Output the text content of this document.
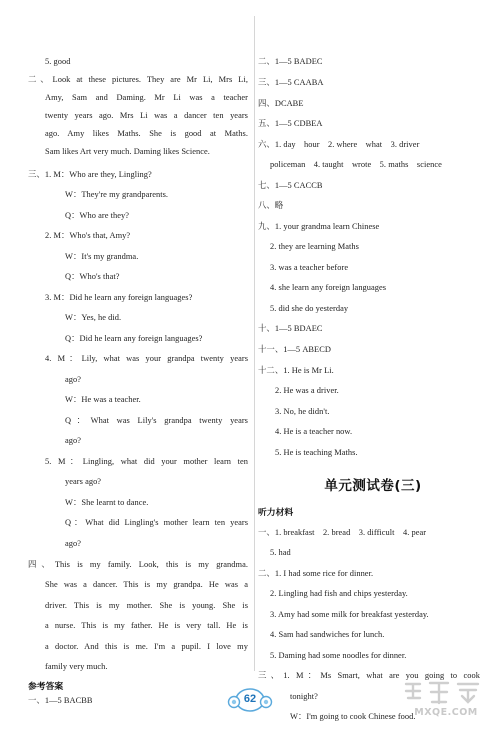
5. good
二、Look at these pictures. They are Mr Li, Mrs Li,
Amy, Sam and Daming. Mr Li was a teacher
twenty years ago. Mrs Li was a dancer ten years
ago. Amy likes Maths. She is good at Maths.
Sam likes Art very much. Daming likes Science.
三、1. M：Who are they, Lingling?
W：They're my grandparents.
Q：Who are they?
2. M：Who's that, Amy?
W：It's my grandma.
Q：Who's that?
3. M：Did he learn any foreign languages?
W：Yes, he did.
Q：Did he learn any foreign languages?
4. M：Lily, what was your grandpa twenty years
ago?
W：He was a teacher.
Q：What was Lily's grandpa twenty years
ago?
5. M：Lingling, what did your mother learn ten
years ago?
W：She learnt to dance.
Q：What did Lingling's mother learn ten years
ago?
四、This is my family. Look, this is my grandma.
She was a dancer. This is my grandpa. He was a
driver. This is my mother. She is young. She is
a nurse. This is my father. He is very tall. He is
a doctor. And this is me. I'm a pupil. I love my
family very much.
参考答案
一、1—5 BACBB
二、1—5 BADEC
三、1—5 CAABA
四、DCABE
五、1—5 CDBEA
六、1. day　hour　2. where　what　3. driver
policeman　4. taught　wrote　5. maths　science
七、1—5 CACCB
八、略
九、1. your grandma learn Chinese
2. they are learning Maths
3. was a teacher before
4. she learn any foreign languages
5. did she do yesterday
十、1—5 BDAEC
十一、1—5 ABECD
十二、1. He is Mr Li.
2. He was a driver.
3. No, he didn't.
4. He is a teacher now.
5. He is teaching Maths.
单元测试卷(三)
听力材料
一、1. breakfast　2. bread　3. difficult　4. pear
5. had
二、1. I had some rice for dinner.
2. Lingling had fish and chips yesterday.
3. Amy had some milk for breakfast yesterday.
4. Sam had sandwiches for lunch.
5. Daming had some noodles for dinner.
三、1. M：Ms Smart, what are you going to cook
tonight?
W：I'm going to cook Chinese food.
62
MXQE.COM
